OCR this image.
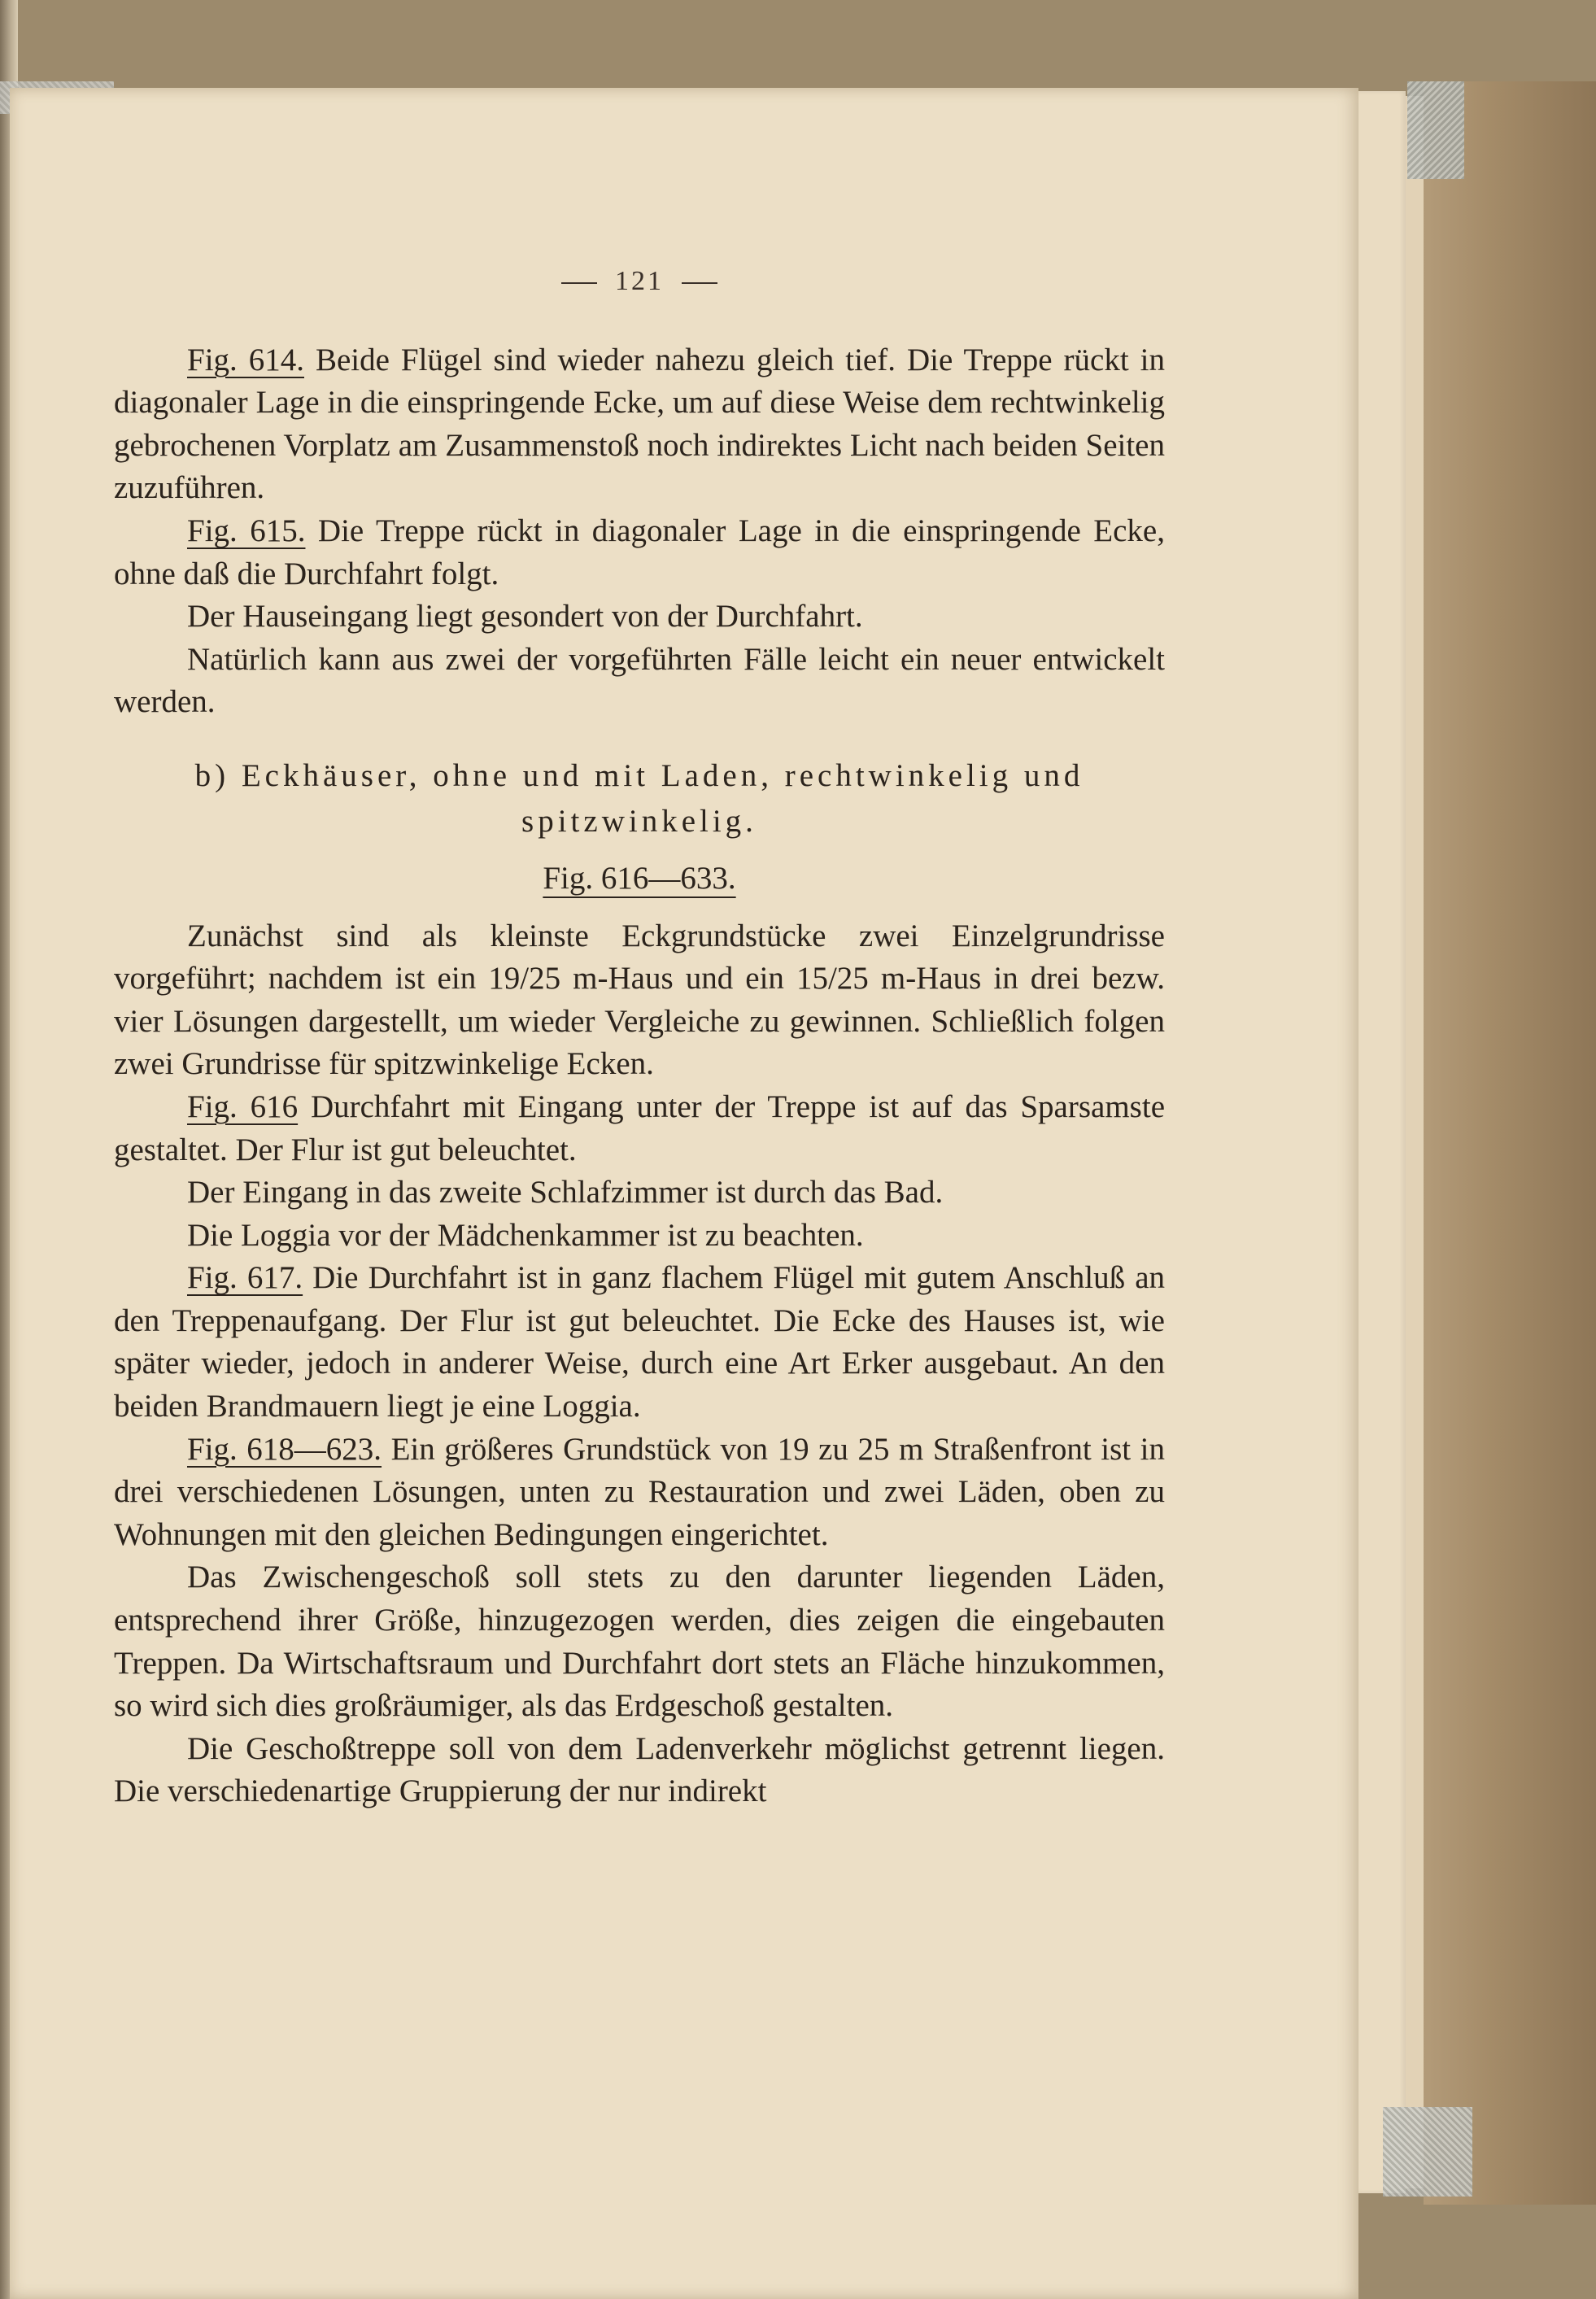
121

Fig. 614. Beide Flügel sind wieder nahezu gleich tief. Die Treppe rückt in diagonaler Lage in die einspringende Ecke, um auf diese Weise dem rechtwinkelig gebrochenen Vorplatz am Zusammenstoß noch indirektes Licht nach beiden Seiten zuzuführen.

Fig. 615. Die Treppe rückt in diagonaler Lage in die einspringende Ecke, ohne daß die Durchfahrt folgt.

Der Hauseingang liegt gesondert von der Durchfahrt.

Natürlich kann aus zwei der vorgeführten Fälle leicht ein neuer entwickelt werden.

b) Eckhäuser, ohne und mit Laden, rechtwinkelig und
spitzwinkelig.
Fig. 616—633.

Zunächst sind als kleinste Eckgrundstücke zwei Einzelgrundrisse vorgeführt; nachdem ist ein 19/25 m-Haus und ein 15/25 m-Haus in drei bezw. vier Lösungen dargestellt, um wieder Vergleiche zu gewinnen. Schließlich folgen zwei Grundrisse für spitzwinkelige Ecken.

Fig. 616 Durchfahrt mit Eingang unter der Treppe ist auf das Sparsamste gestaltet. Der Flur ist gut beleuchtet.

Der Eingang in das zweite Schlafzimmer ist durch das Bad.

Die Loggia vor der Mädchenkammer ist zu beachten.

Fig. 617. Die Durchfahrt ist in ganz flachem Flügel mit gutem Anschluß an den Treppenaufgang. Der Flur ist gut beleuchtet. Die Ecke des Hauses ist, wie später wieder, jedoch in anderer Weise, durch eine Art Erker ausgebaut. An den beiden Brandmauern liegt je eine Loggia.

Fig. 618—623. Ein größeres Grundstück von 19 zu 25 m Straßenfront ist in drei verschiedenen Lösungen, unten zu Restauration und zwei Läden, oben zu Wohnungen mit den gleichen Bedingungen eingerichtet.

Das Zwischengeschoß soll stets zu den darunter liegenden Läden, entsprechend ihrer Größe, hinzugezogen werden, dies zeigen die eingebauten Treppen. Da Wirtschaftsraum und Durchfahrt dort stets an Fläche hinzukommen, so wird sich dies großräumiger, als das Erdgeschoß gestalten.

Die Geschoßtreppe soll von dem Ladenverkehr möglichst getrennt liegen. Die verschiedenartige Gruppierung der nur indirekt
